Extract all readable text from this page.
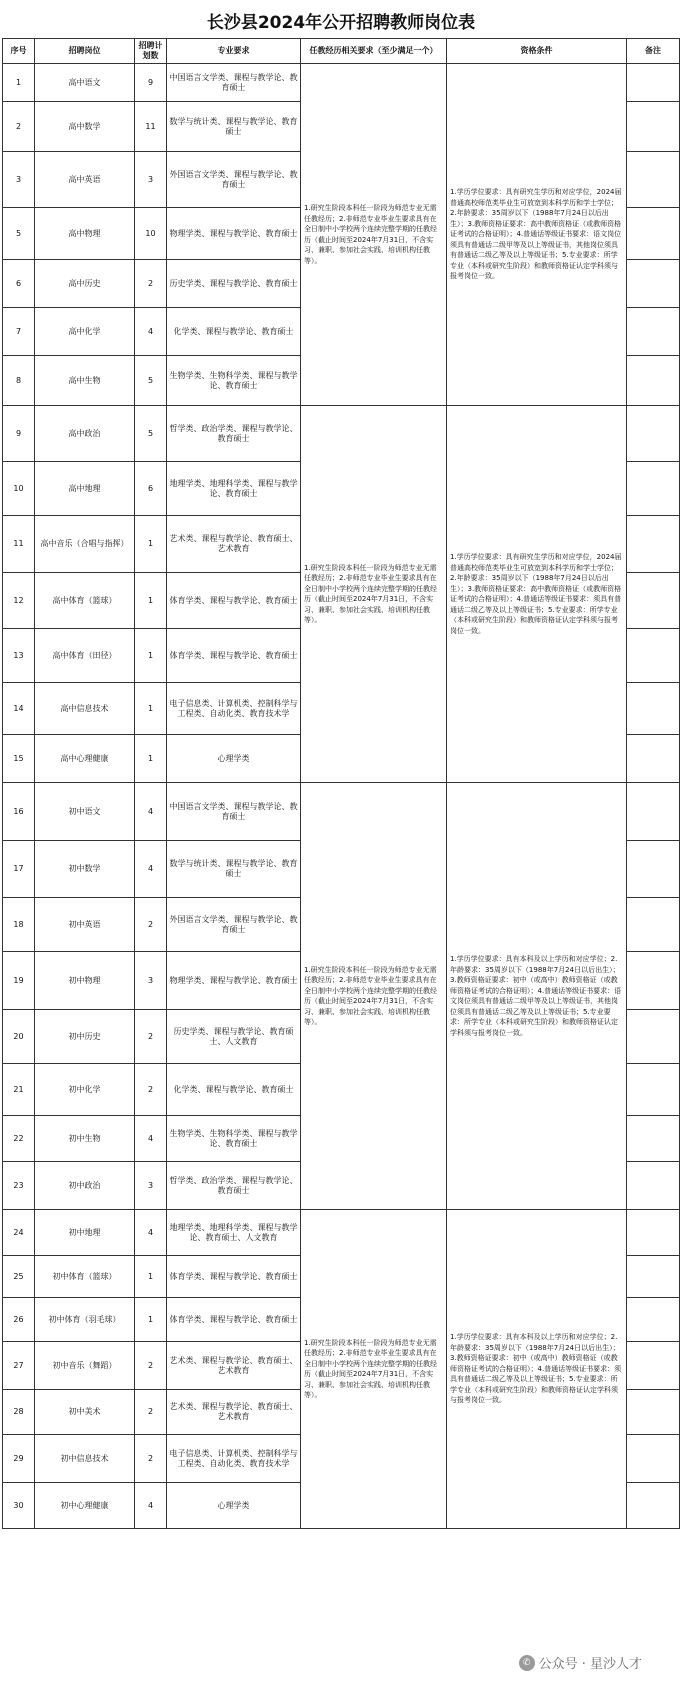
长沙县2024年公开招聘教师岗位表
序号	招聘岗位	招聘计划数	专业要求	任教经历相关要求（至少满足一个）	资格条件	备注
1	高中语文	9	中国语言文学类、课程与教学论、教育硕士	1.研究生阶段本科任一阶段为师范专业无需任教经历；2.非师范专业毕业生要求具有在全日制中小学校两个连续完整学期的任教经历（截止时间至2024年7月31日，不含实习、兼职、参加社会实践、培训机构任教等）。	1.学历学位要求：具有研究生学历和对应学位，2024届普通高校师范类毕业生可放宽到本科学历和学士学位；2.年龄要求：35周岁以下（1988年7月24日以后出生）；3.教师资格证要求：高中教师资格证（或教师资格证考试的合格证明）；4.普通话等级证书要求：语文岗位须具有普通话二级甲等及以上等级证书，其他岗位须具有普通话二级乙等及以上等级证书；5.专业要求：所学专业（本科或研究生阶段）和教师资格证认定学科须与报考岗位一致。	
2	高中数学	11	数学与统计类、课程与教学论、教育硕士			
3	高中英语	3	外国语言文学类、课程与教学论、教育硕士			
5	高中物理	10	物理学类、课程与教学论、教育硕士			
6	高中历史	2	历史学类、课程与教学论、教育硕士			
7	高中化学	4	化学类、课程与教学论、教育硕士			
8	高中生物	5	生物学类、生物科学类、课程与教学论、教育硕士			
9	高中政治	5	哲学类、政治学类、课程与教学论、教育硕士	1.研究生阶段本科任一阶段为师范专业无需任教经历；2.非师范专业毕业生要求具有在全日制中小学校两个连续完整学期的任教经历（截止时间至2024年7月31日，不含实习、兼职、参加社会实践、培训机构任教等）。	1.学历学位要求：具有研究生学历和对应学位，2024届普通高校师范类毕业生可放宽到本科学历和学士学位；2.年龄要求：35周岁以下（1988年7月24日以后出生）；3.教师资格证要求：高中教师资格证（或教师资格证考试的合格证明）；4.普通话等级证书要求：须具有普通话二级乙等及以上等级证书；5.专业要求：所学专业（本科或研究生阶段）和教师资格证认定学科须与报考岗位一致。	
10	高中地理	6	地理学类、地理科学类、课程与教学论、教育硕士			
11	高中音乐（合唱与指挥）	1	艺术类、课程与教学论、教育硕士、艺术教育			
12	高中体育（篮球）	1	体育学类、课程与教学论、教育硕士			
13	高中体育（田径）	1	体育学类、课程与教学论、教育硕士			
14	高中信息技术	1	电子信息类、计算机类、控制科学与工程类、自动化类、教育技术学			
15	高中心理健康	1	心理学类			
16	初中语文	4	中国语言文学类、课程与教学论、教育硕士	1.研究生阶段本科任一阶段为师范专业无需任教经历；2.非师范专业毕业生要求具有在全日制中小学校两个连续完整学期的任教经历（截止时间至2024年7月31日，不含实习、兼职、参加社会实践、培训机构任教等）。	1.学历学位要求：具有本科及以上学历和对应学位；2.年龄要求：35周岁以下（1988年7月24日以后出生）；3.教师资格证要求：初中（或高中）教师资格证（或教师资格证考试的合格证明）；4.普通话等级证书要求：语文岗位须具有普通话二级甲等及以上等级证书，其他岗位须具有普通话二级乙等及以上等级证书；5.专业要求：所学专业（本科或研究生阶段）和教师资格证认定学科须与报考岗位一致。	
17	初中数学	4	数学与统计类、课程与教学论、教育硕士			
18	初中英语	2	外国语言文学类、课程与教学论、教育硕士			
19	初中物理	3	物理学类、课程与教学论、教育硕士			
20	初中历史	2	历史学类、课程与教学论、教育硕士、人文教育			
21	初中化学	2	化学类、课程与教学论、教育硕士			
22	初中生物	4	生物学类、生物科学类、课程与教学论、教育硕士			
23	初中政治	3	哲学类、政治学类、课程与教学论、教育硕士			
24	初中地理	4	地理学类、地理科学类、课程与教学论、教育硕士、人文教育	1.研究生阶段本科任一阶段为师范专业无需任教经历；2.非师范专业毕业生要求具有在全日制中小学校两个连续完整学期的任教经历（截止时间至2024年7月31日，不含实习、兼职、参加社会实践、培训机构任教等）。	1.学历学位要求：具有本科及以上学历和对应学位；2.年龄要求：35周岁以下（1988年7月24日以后出生）；3.教师资格证要求：初中（或高中）教师资格证（或教师资格证考试的合格证明）；4.普通话等级证书要求：须具有普通话二级乙等及以上等级证书；5.专业要求：所学专业（本科或研究生阶段）和教师资格证认定学科须与报考岗位一致。	
25	初中体育（篮球）	1	体育学类、课程与教学论、教育硕士			
26	初中体育（羽毛球）	1	体育学类、课程与教学论、教育硕士			
27	初中音乐（舞蹈）	2	艺术类、课程与教学论、教育硕士、艺术教育			
28	初中美术	2	艺术类、课程与教学论、教育硕士、艺术教育			
29	初中信息技术	2	电子信息类、计算机类、控制科学与工程类、自动化类、教育技术学			
30	初中心理健康	4	心理学类			
✆ 公众号 · 星沙人才
